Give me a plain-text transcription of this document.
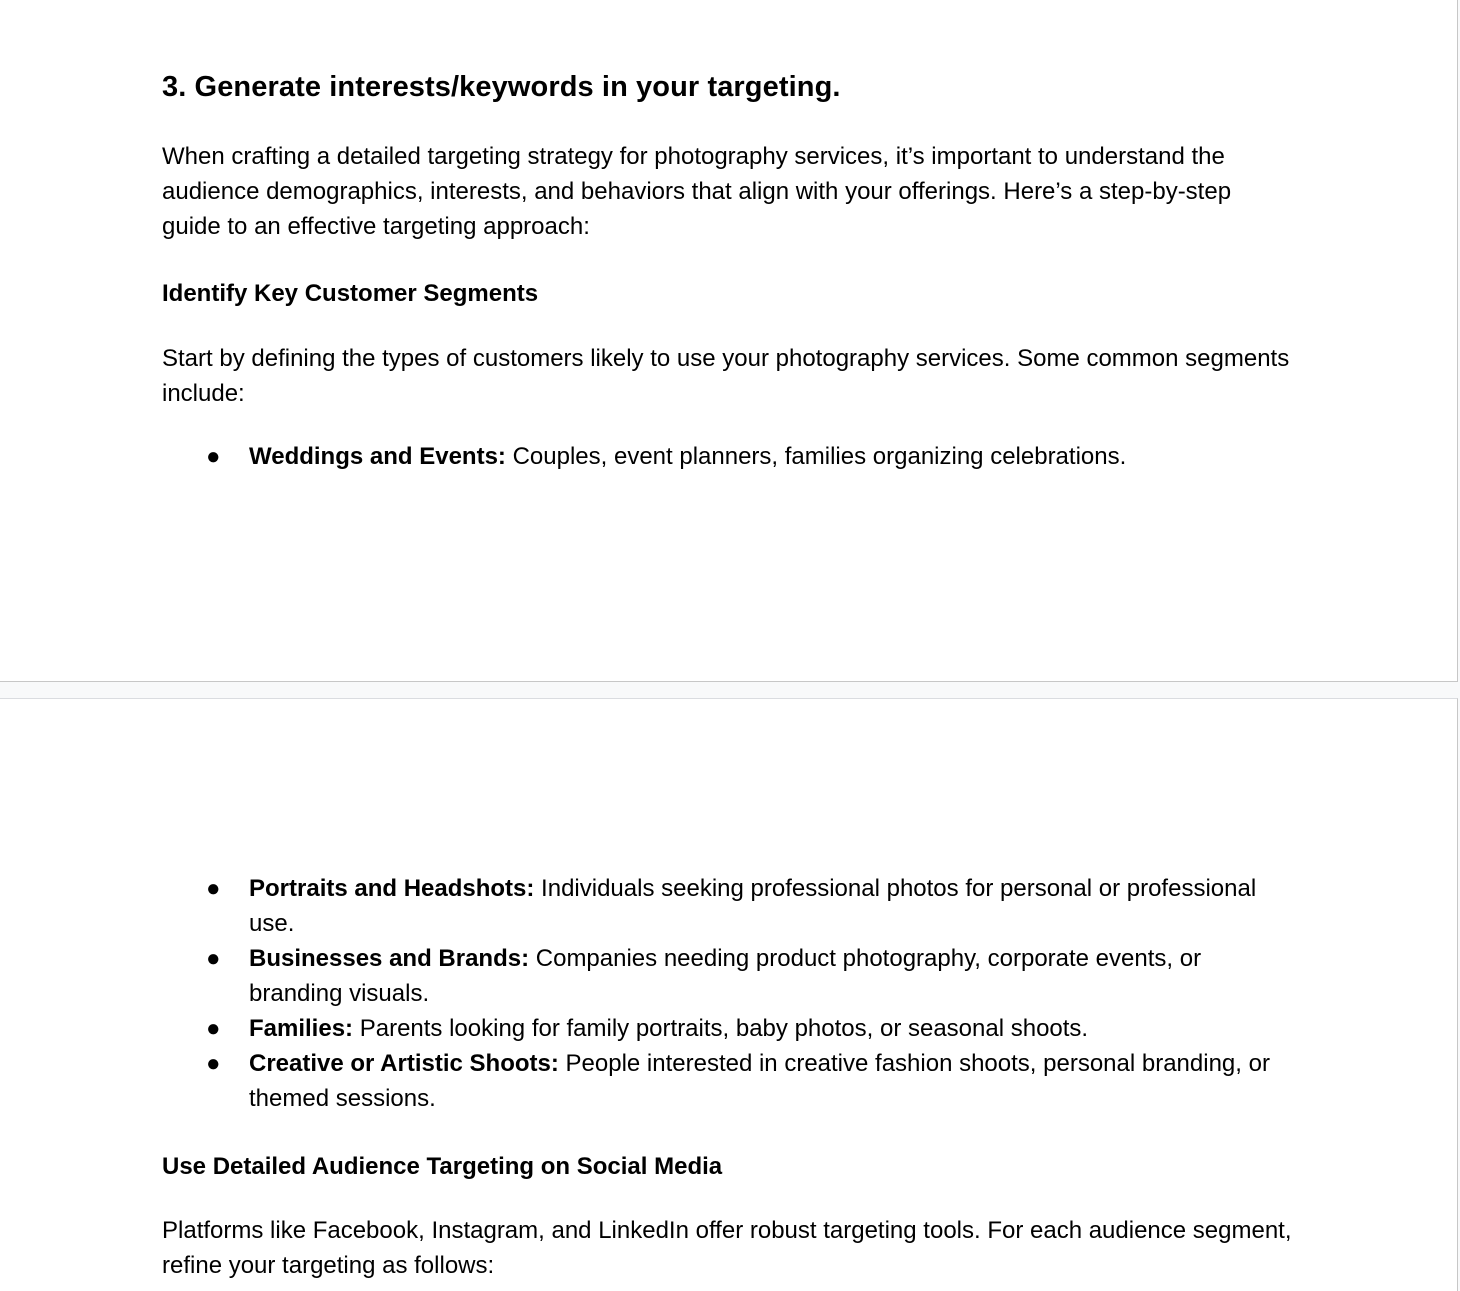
3. Generate interests/keywords in your targeting.

When crafting a detailed targeting strategy for photography services, it’s important to understand the audience demographics, interests, and behaviors that align with your offerings. Here’s a step-by-step guide to an effective targeting approach:

Identify Key Customer Segments

Start by defining the types of customers likely to use your photography services. Some common segments include:

● Weddings and Events: Couples, event planners, families organizing celebrations.
● Portraits and Headshots: Individuals seeking professional photos for personal or professional use.
● Businesses and Brands: Companies needing product photography, corporate events, or branding visuals.
● Families: Parents looking for family portraits, baby photos, or seasonal shoots.
● Creative or Artistic Shoots: People interested in creative fashion shoots, personal branding, or themed sessions.
Use Detailed Audience Targeting on Social Media

Platforms like Facebook, Instagram, and LinkedIn offer robust targeting tools. For each audience segment, refine your targeting as follows:
